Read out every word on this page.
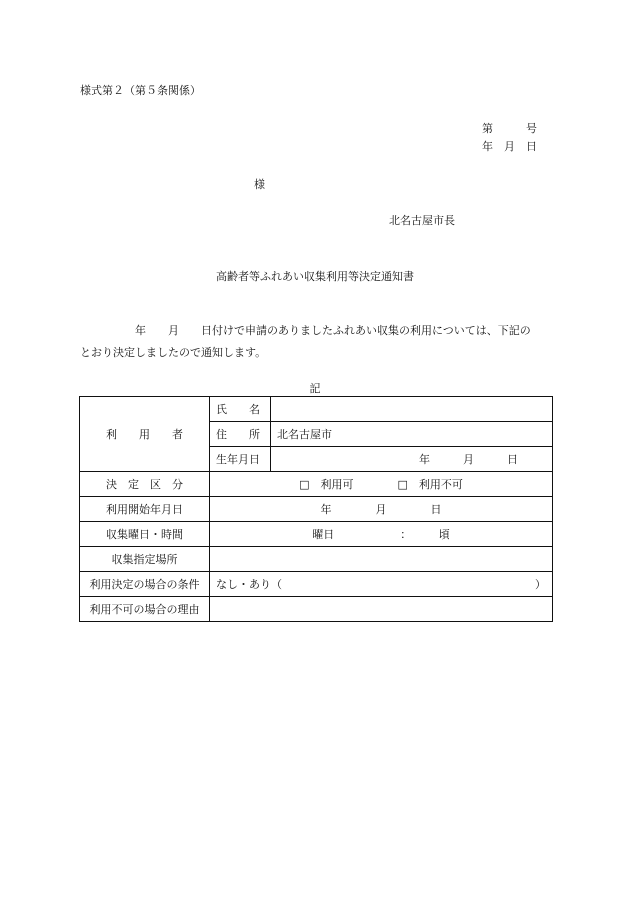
様式第２（第５条関係）
第　　　号
年　月　日
様
北名古屋市長
高齢者等ふれあい収集利用等決定通知書
　　　　　年　　月　　日付けで申請のありましたふれあい収集の利用については、下記の
とおり決定しましたので通知します。
記
利　　用　　者	氏　　名	
	住　　所	北名古屋市
	生年月日	年　　　月　　　日
決　定　区　分	□　利用可　　　　□　利用不可	
利用開始年月日	年　　　　月　　　　日	
収集曜日・時間	曜日　　　　　　：　　　頃	
収集指定場所		
利用決定の場合の条件	なし・あり（ ）	

利用不可の場合の理由		
